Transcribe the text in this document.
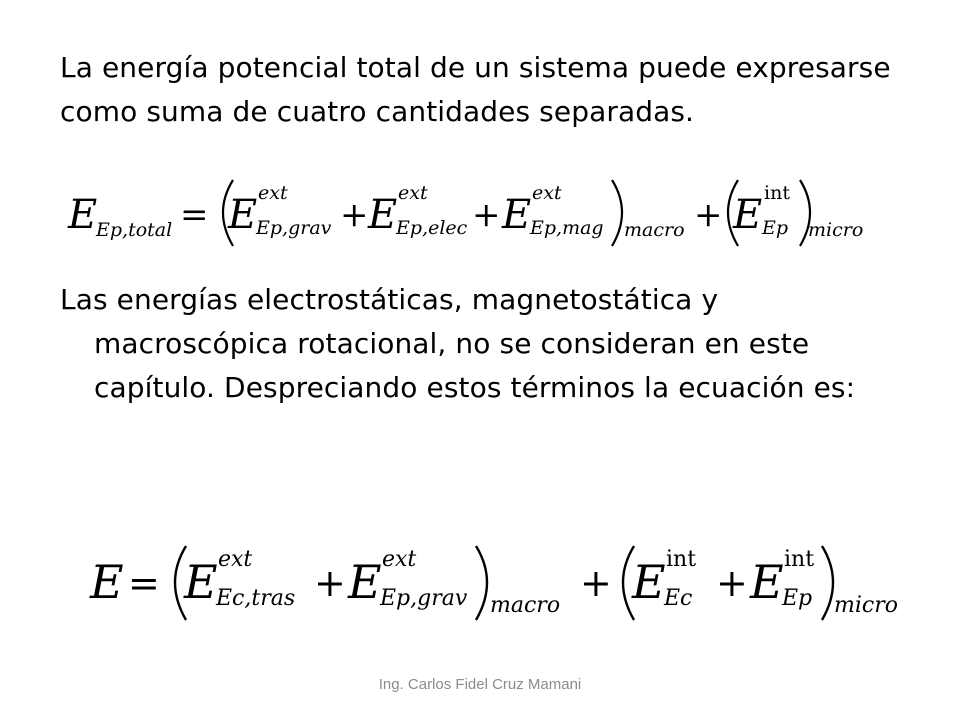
La energía potencial total de un sistema puede expresarse como suma de cuatro cantidades separadas.

E
Ep,total = E ext
Ep,grav + E ext
Ep,elec + E ext
Ep,mag macro + E int
Ep micro
E = E ext
Ec,tras + E ext
Ep,grav macro
+ E int
Ec + E int
Ep micro

Las energías electrostáticas, magnetostática y macroscópica rotacional, no se consideran en este capítulo. Despreciando estos términos la ecuación es:

Ing. Carlos Fidel Cruz Mamani
